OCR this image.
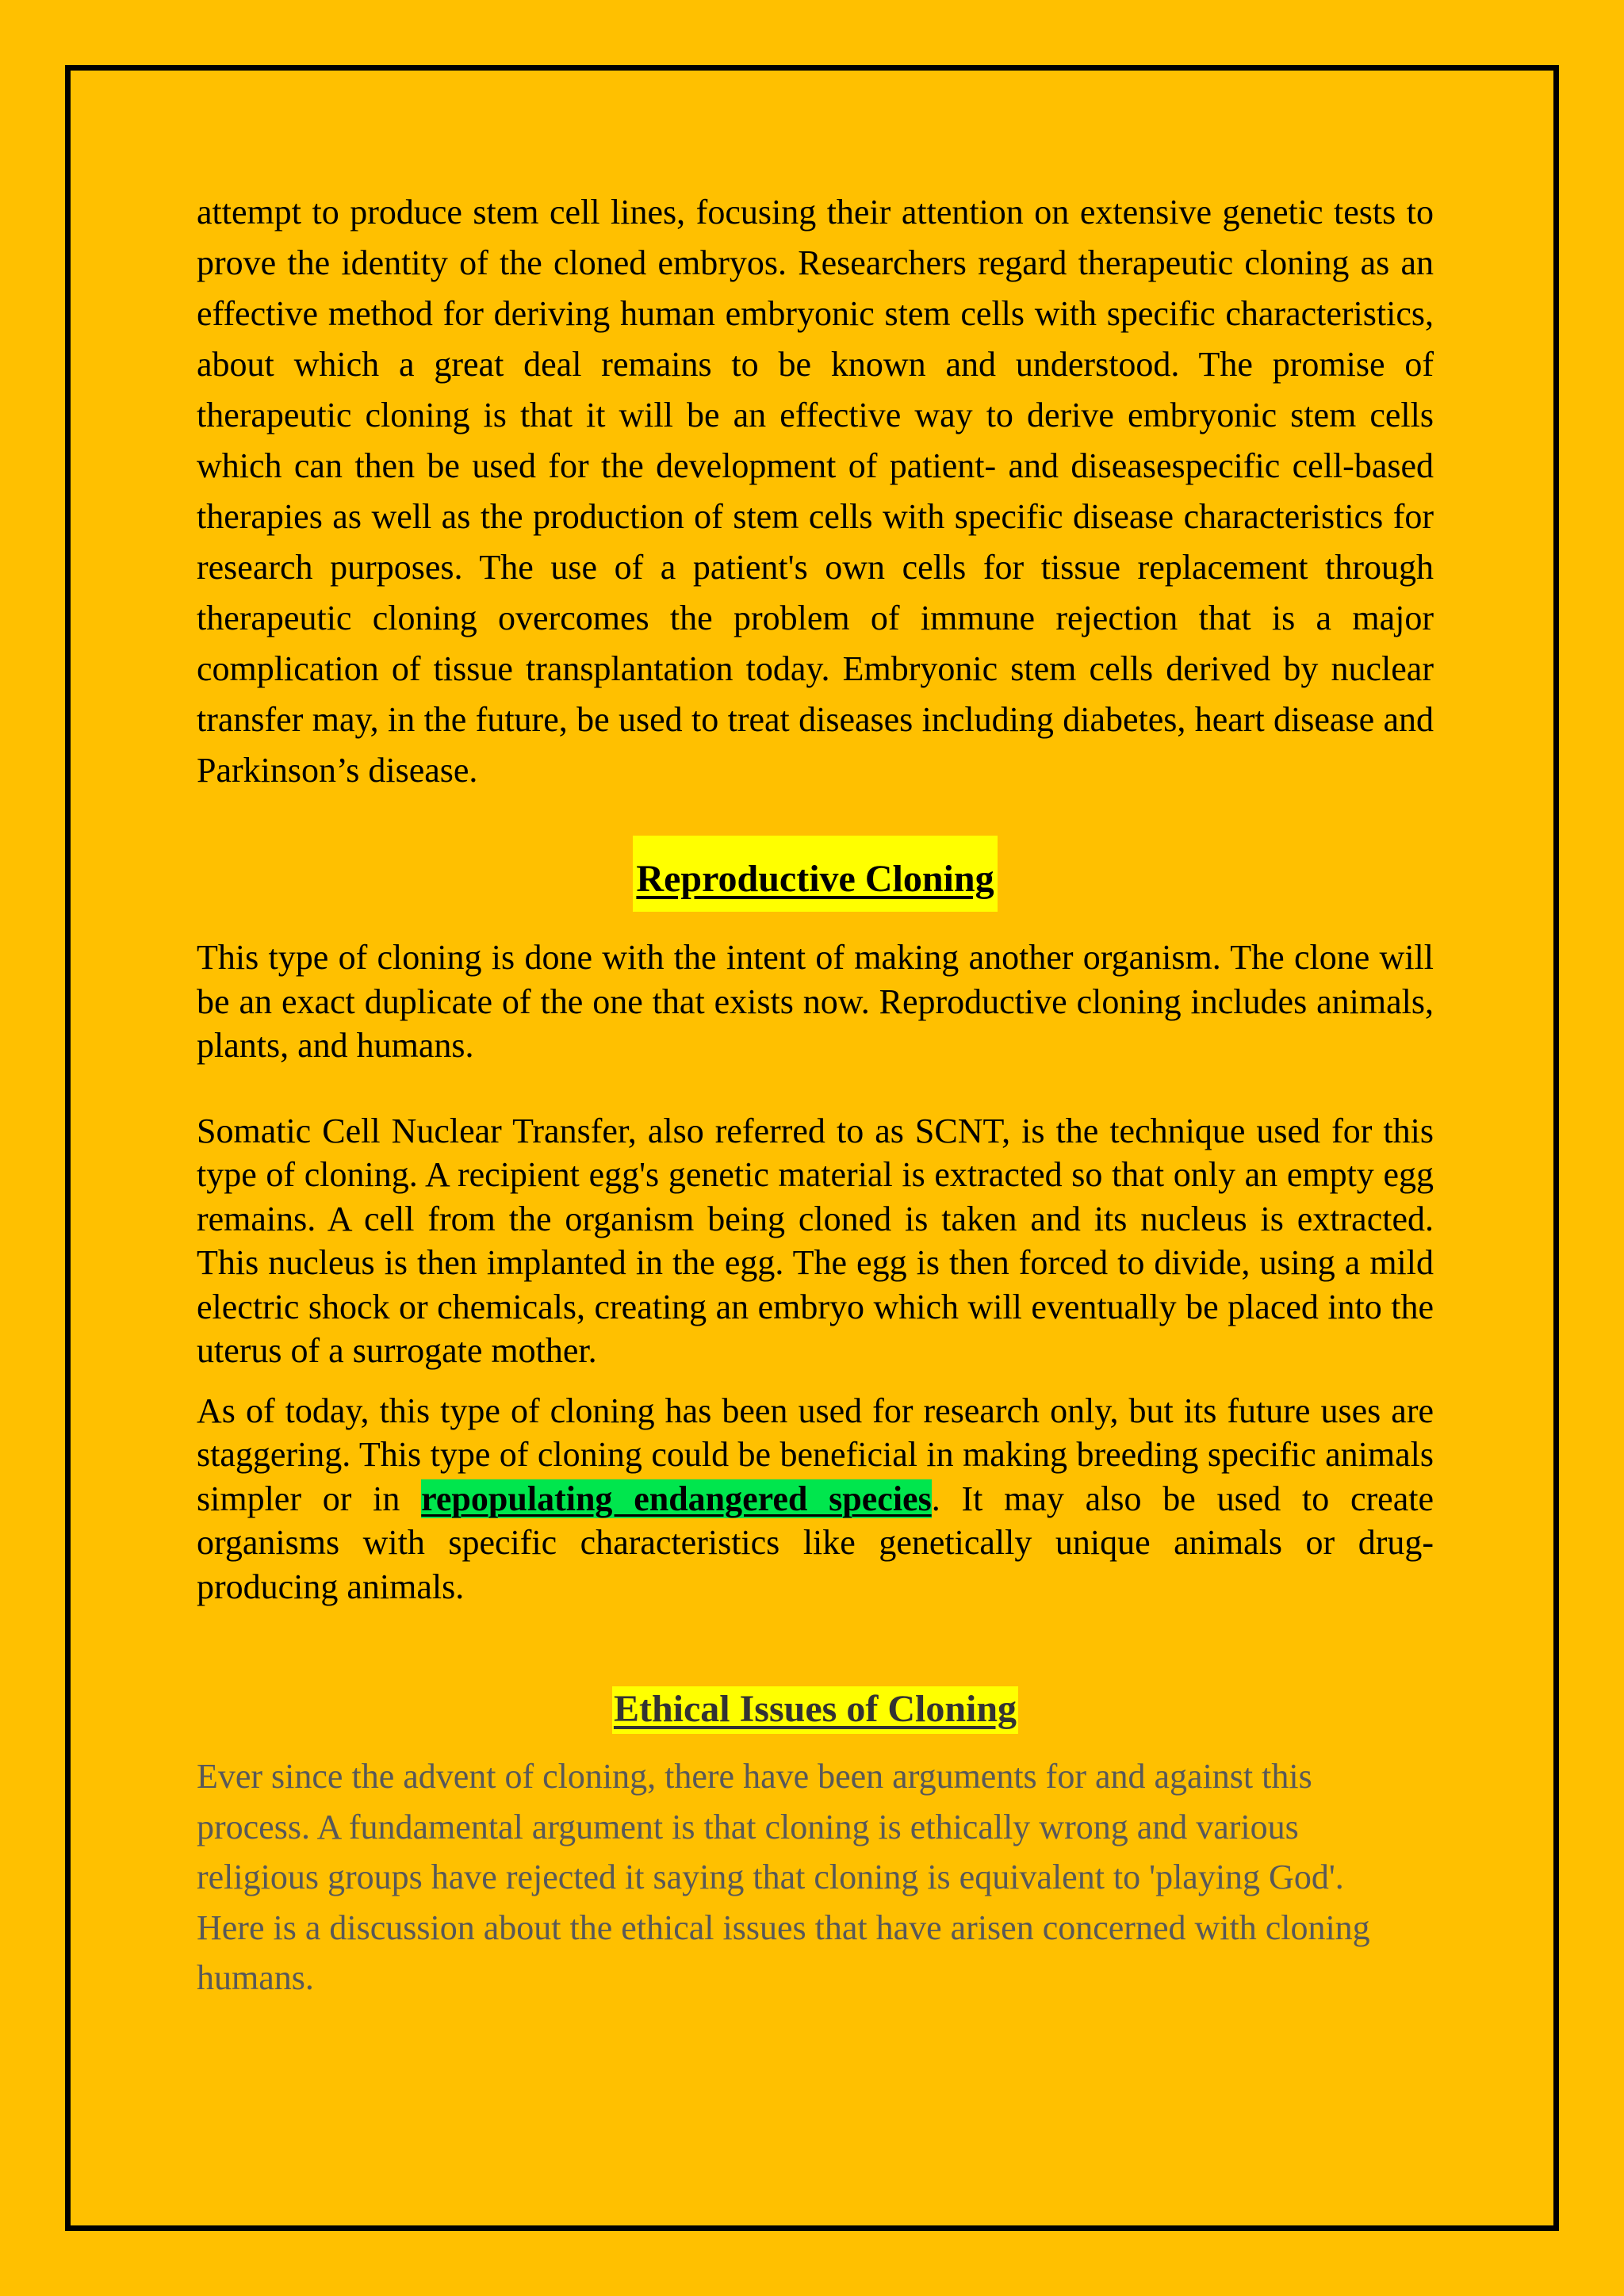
attempt to produce stem cell lines, focusing their attention on extensive genetic tests to prove the identity of the cloned embryos. Researchers regard therapeutic cloning as an effective method for deriving human embryonic stem cells with specific characteristics, about which a great deal remains to be known and understood. The promise of therapeutic cloning is that it will be an effective way to derive embryonic stem cells which can then be used for the development of patient- and diseasespecific cell-based therapies as well as the production of stem cells with specific disease characteristics for research purposes. The use of a patient's own cells for tissue replacement through therapeutic cloning overcomes the problem of immune rejection that is a major complication of tissue transplantation today. Embryonic stem cells derived by nuclear transfer may, in the future, be used to treat diseases including diabetes, heart disease and Parkinson’s disease.

Reproductive Cloning

This type of cloning is done with the intent of making another organism. The clone will be an exact duplicate of the one that exists now. Reproductive cloning includes animals, plants, and humans.

Somatic Cell Nuclear Transfer, also referred to as SCNT, is the technique used for this type of cloning. A recipient egg's genetic material is extracted so that only an empty egg remains. A cell from the organism being cloned is taken and its nucleus is extracted. This nucleus is then implanted in the egg. The egg is then forced to divide, using a mild electric shock or chemicals, creating an embryo which will eventually be placed into the uterus of a surrogate mother.

As of today, this type of cloning has been used for research only, but its future uses are staggering. This type of cloning could be beneficial in making breeding specific animals simpler or in repopulating endangered species. It may also be used to create organisms with specific characteristics like genetically unique animals or drug-producing animals.

Ethical Issues of Cloning

Ever since the advent of cloning, there have been arguments for and against this process. A fundamental argument is that cloning is ethically wrong and various religious groups have rejected it saying that cloning is equivalent to 'playing God'. Here is a discussion about the ethical issues that have arisen concerned with cloning humans.
